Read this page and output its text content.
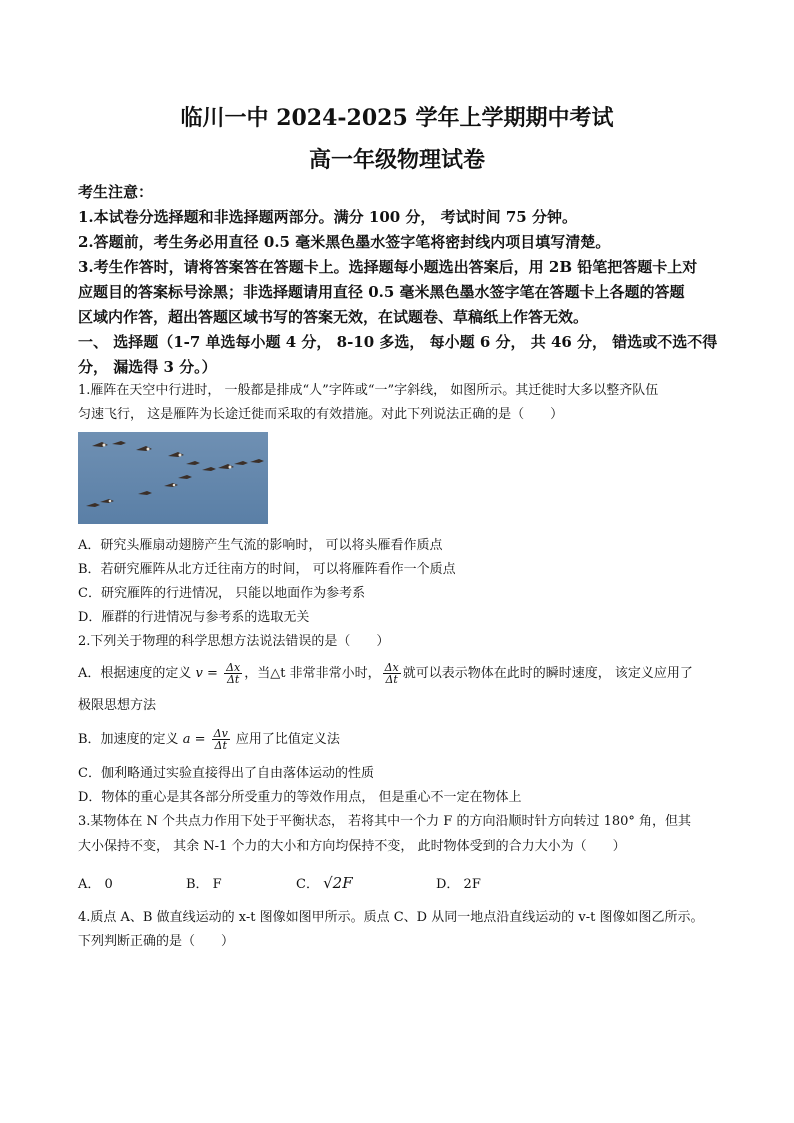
临川一中 2024-2025 学年上学期期中考试
高一年级物理试卷
考生注意：
1.本试卷分选择题和非选择题两部分。满分 100 分， 考试时间 75 分钟。
2.答题前，考生务必用直径 0.5 毫米黑色墨水签字笔将密封线内项目填写清楚。
3.考生作答时，请将答案答在答题卡上。选择题每小题选出答案后，用 2B 铅笔把答题卡上对
应题目的答案标号涂黑；非选择题请用直径 0.5 毫米黑色墨水签字笔在答题卡上各题的答题
区域内作答，超出答题区域书写的答案无效，在试题卷、草稿纸上作答无效。
一、 选择题（1-7 单选每小题 4 分， 8-10 多选， 每小题 6 分， 共 46 分， 错选或不选不得
分， 漏选得 3 分。）
1.雁阵在天空中行进时， 一般都是排成“人”字阵或“一”字斜线， 如图所示。其迁徙时大多以整齐队伍
匀速飞行， 这是雁阵为长途迁徙而采取的有效措施。对此下列说法正确的是（　　）
A．研究头雁扇动翅膀产生气流的影响时， 可以将头雁看作质点
B．若研究雁阵从北方迁往南方的时间， 可以将雁阵看作一个质点
C．研究雁阵的行进情况， 只能以地面作为参考系
D．雁群的行进情况与参考系的选取无关
2.下列关于物理的科学思想方法说法错误的是（　　）
A．根据速度的定义 $v = \frac{\Delta x}{\Delta t}$ ，当△t 非常非常小时， $\frac{\Delta x}{\Delta t}$ 就可以表示物体在此时的瞬时速度， 该定义应用了
极限思想方法
B．加速度的定义 $a = \frac{\Delta v}{\Delta t}$ 应用了比值定义法
C．伽利略通过实验直接得出了自由落体运动的性质
D．物体的重心是其各部分所受重力的等效作用点， 但是重心不一定在物体上
3.某物体在 N 个共点力作用下处于平衡状态， 若将其中一个力 F 的方向沿顺时针方向转过 180° 角，但其
大小保持不变， 其余 N-1 个力的大小和方向均保持不变， 此时物体受到的合力大小为（　　）
A． 0	B． F	C． √2F	D． 2F
4.质点 A、B 做直线运动的 x-t 图像如图甲所示。质点 C、D 从同一地点沿直线运动的 v-t 图像如图乙所示。
下列判断正确的是（　　）
